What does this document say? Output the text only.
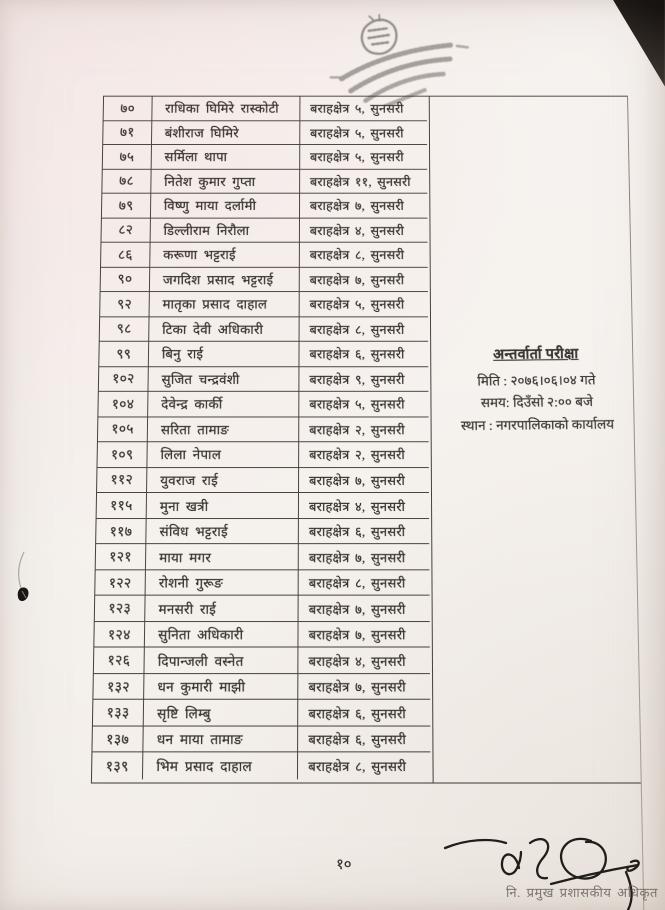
७०	राधिका घिमिरे रास्कोटी	बराहक्षेत्र ५, सुनसरी
७१	बंशीराज घिमिरे	बराहक्षेत्र ५, सुनसरी
७५	सर्मिला थापा	बराहक्षेत्र ५, सुनसरी
७८	नितेश कुमार गुप्ता	बराहक्षेत्र ११, सुनसरी
७९	विष्णु माया दर्लामी	बराहक्षेत्र ७, सुनसरी
८२	डिल्लीराम निरौला	बराहक्षेत्र ४, सुनसरी
८६	करूणा भट्टराई	बराहक्षेत्र ८, सुनसरी
९०	जगदिश प्रसाद भट्टराई	बराहक्षेत्र ७, सुनसरी
९२	मातृका प्रसाद दाहाल	बराहक्षेत्र ५, सुनसरी
९८	टिका देवी अधिकारी	बराहक्षेत्र ८, सुनसरी
९९	बिनु राई	बराहक्षेत्र ६, सुनसरी
१०२	सुजित चन्द्रवंशी	बराहक्षेत्र ९, सुनसरी
१०४	देवेन्द्र कार्की	बराहक्षेत्र ५, सुनसरी
१०५	सरिता तामाङ	बराहक्षेत्र २, सुनसरी
१०९	लिला नेपाल	बराहक्षेत्र २, सुनसरी
११२	युवराज राई	बराहक्षेत्र ७, सुनसरी
११५	मुना खत्री	बराहक्षेत्र ४, सुनसरी
११७	संविध भट्टराई	बराहक्षेत्र ६, सुनसरी
१२१	माया मगर	बराहक्षेत्र ७, सुनसरी
१२२	रोशनी गुरूङ	बराहक्षेत्र ८, सुनसरी
१२३	मनसरी राई	बराहक्षेत्र ७, सुनसरी
१२४	सुनिता अधिकारी	बराहक्षेत्र ७, सुनसरी
१२६	दिपान्जली वस्नेत	बराहक्षेत्र ४, सुनसरी
१३२	धन कुमारी माझी	बराहक्षेत्र ७, सुनसरी
१३३	सृष्टि लिम्बु	बराहक्षेत्र ६, सुनसरी
१३७	धन माया तामाङ	बराहक्षेत्र ६, सुनसरी
१३९	भिम प्रसाद दाहाल	बराहक्षेत्र ८, सुनसरी
अन्तर्वार्ता परीक्षा
मिति : २०७६।०६।०४ गते
समय: दिउँसो २:०० बजे
स्थान : नगरपालिकाको कार्यालय
नि. प्रमुख प्रशासकीय अधिकृत
१०
